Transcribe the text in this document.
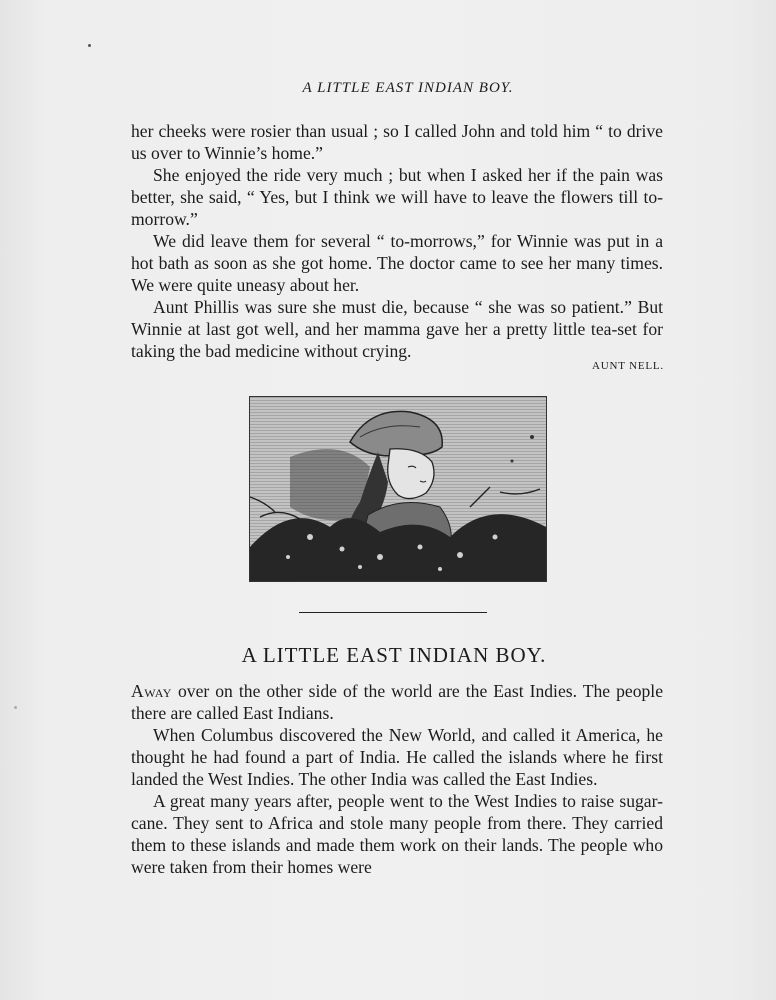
A LITTLE EAST INDIAN BOY.

her cheeks were rosier than usual ; so I called John and told him “ to drive us over to Winnie’s home.”

She enjoyed the ride very much ; but when I asked her if the pain was better, she said, “ Yes, but I think we will have to leave the flowers till to-morrow.”

We did leave them for several “ to-morrows,” for Winnie was put in a hot bath as soon as she got home. The doctor came to see her many times. We were quite uneasy about her.

Aunt Phillis was sure she must die, because “ she was so patient.” But Winnie at last got well, and her mamma gave her a pretty little tea-set for taking the bad medicine without crying.

AUNT NELL.
A LITTLE EAST INDIAN BOY.

Away over on the other side of the world are the East Indies. The people there are called East Indians.

When Columbus discovered the New World, and called it America, he thought he had found a part of India. He called the islands where he first landed the West Indies. The other India was called the East Indies.

A great many years after, people went to the West Indies to raise sugar-cane. They sent to Africa and stole many people from there. They carried them to these islands and made them work on their lands. The people who were taken from their homes were
